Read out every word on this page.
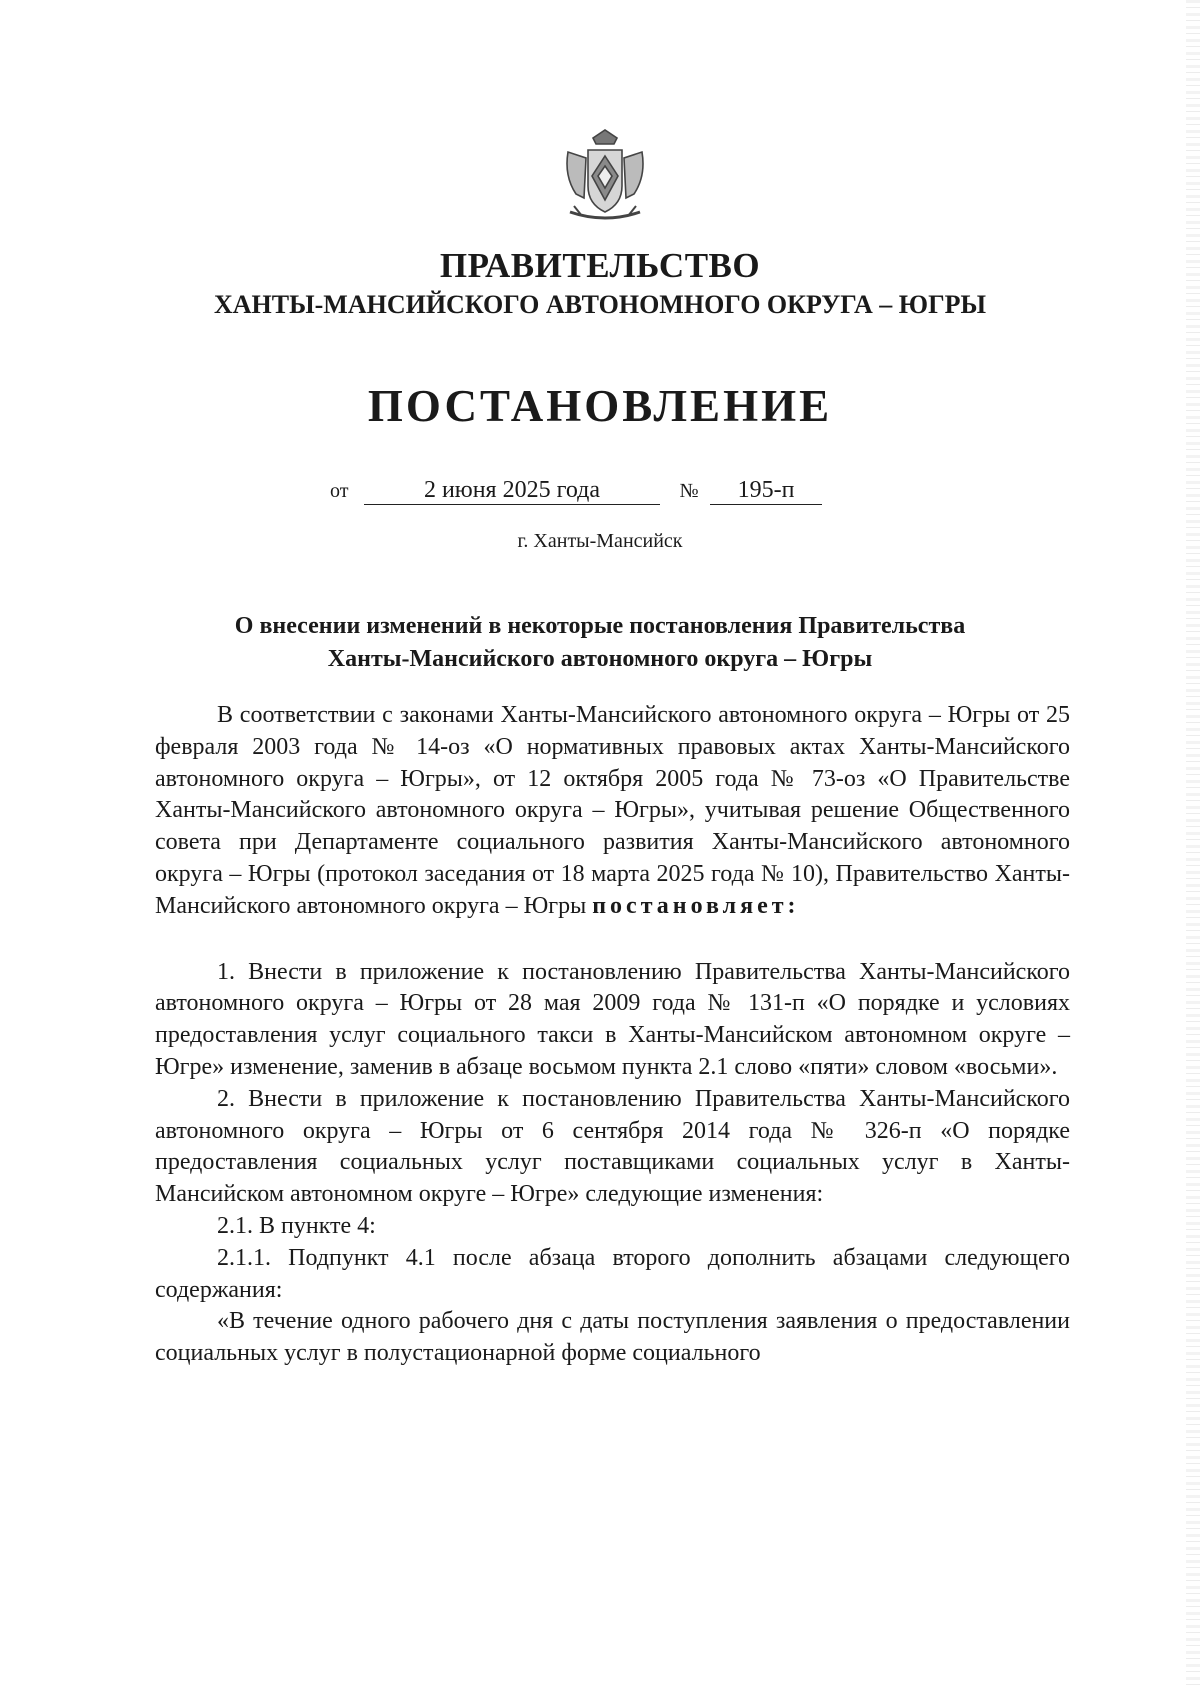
ПРАВИТЕЛЬСТВО
ХАНТЫ-МАНСИЙСКОГО АВТОНОМНОГО ОКРУГА – ЮГРЫ
ПОСТАНОВЛЕНИЕ
от	2 июня 2025 года	№ 195-п
г. Ханты-Мансийск
О внесении изменений в некоторые постановления Правительства
Ханты-Мансийского автономного округа – Югры

В соответствии с законами Ханты-Мансийского автономного округа – Югры от 25 февраля 2003 года № 14-оз «О нормативных правовых актах Ханты-Мансийского автономного округа – Югры», от 12 октября 2005 года № 73-оз «О Правительстве Ханты-Мансийского автономного округа – Югры», учитывая решение Общественного совета при Департаменте социального развития Ханты-Мансийского автономного округа – Югры (протокол заседания от 18 марта 2025 года № 10), Правительство Ханты-Мансийского автономного округа – Югры постановляет:

1. Внести в приложение к постановлению Правительства Ханты-Мансийского автономного округа – Югры от 28 мая 2009 года № 131-п «О порядке и условиях предоставления услуг социального такси в Ханты-Мансийском автономном округе – Югре» изменение, заменив в абзаце восьмом пункта 2.1 слово «пяти» словом «восьми».

2. Внести в приложение к постановлению Правительства Ханты-Мансийского автономного округа – Югры от 6 сентября 2014 года № 326-п «О порядке предоставления социальных услуг поставщиками социальных услуг в Ханты-Мансийском автономном округе – Югре» следующие изменения:

2.1. В пункте 4:

2.1.1. Подпункт 4.1 после абзаца второго дополнить абзацами следующего содержания:

«В течение одного рабочего дня с даты поступления заявления о предоставлении социальных услуг в полустационарной форме социального
